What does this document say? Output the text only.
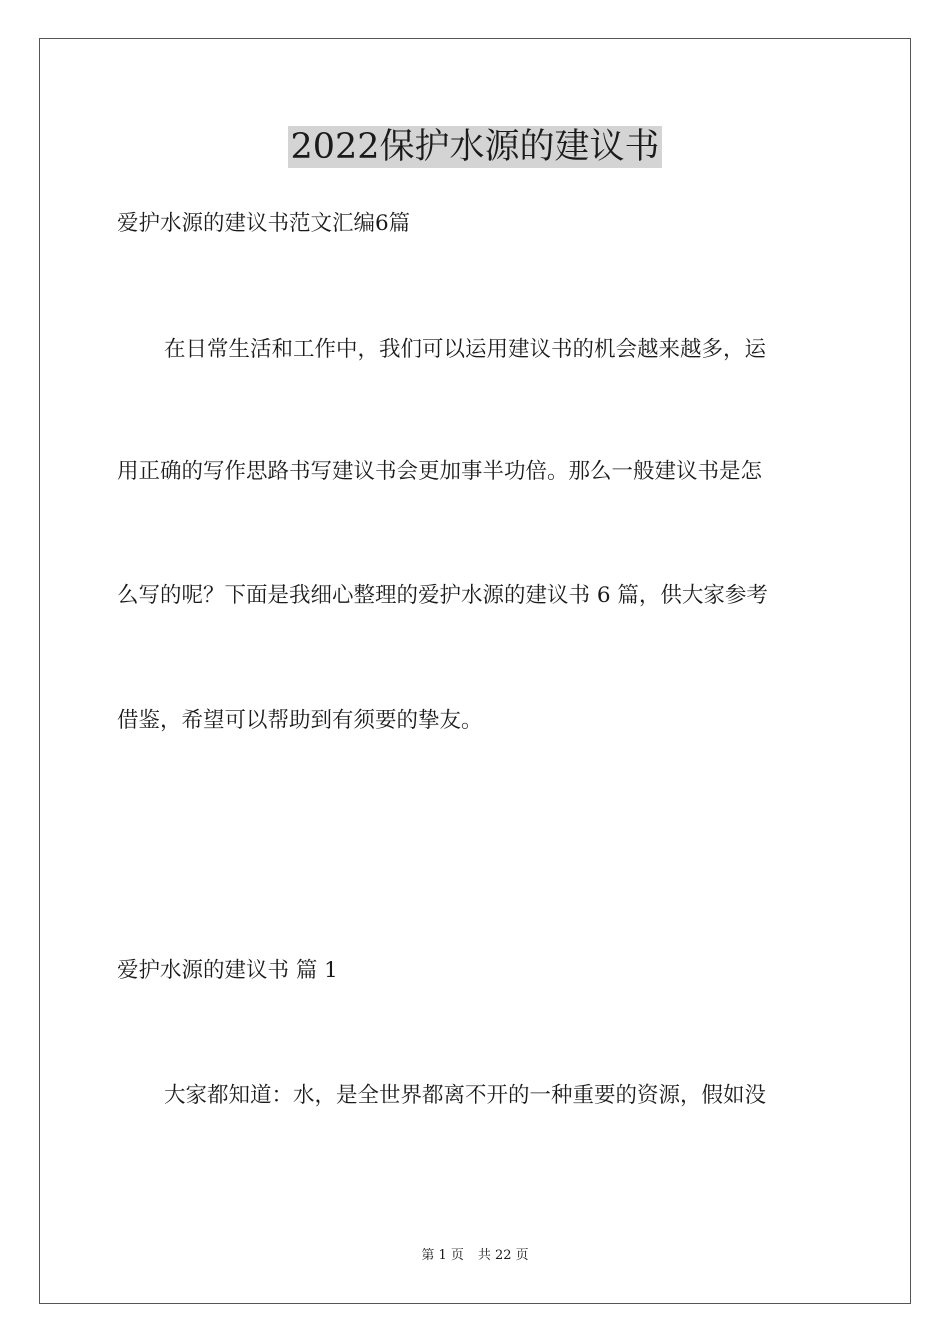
2022保护水源的建议书
爱护水源的建议书范文汇编6篇
在日常生活和工作中，我们可以运用建议书的机会越来越多，运
用正确的写作思路书写建议书会更加事半功倍。那么一般建议书是怎
么写的呢？下面是我细心整理的爱护水源的建议书 6 篇，供大家参考
借鉴，希望可以帮助到有须要的挚友。
爱护水源的建议书 篇 1
大家都知道：水，是全世界都离不开的一种重要的资源，假如没
第 1 页 共 22 页
